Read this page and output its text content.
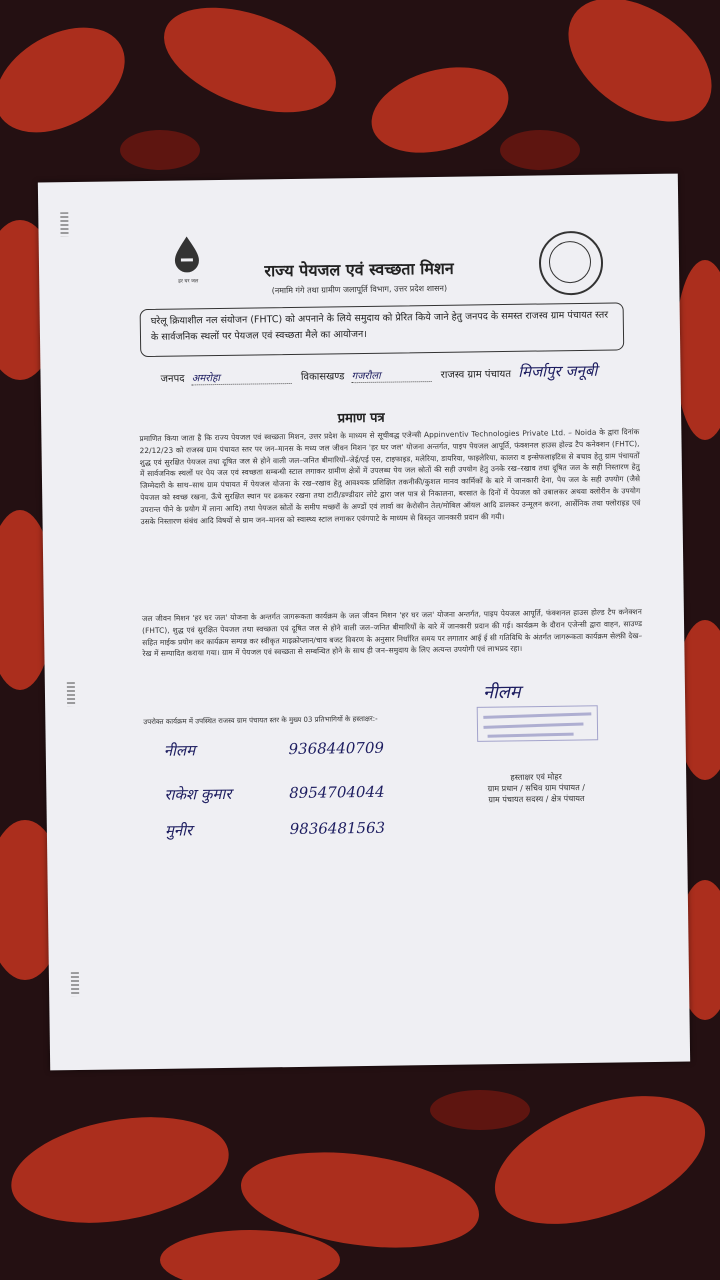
हर घर जल
राज्य पेयजल एवं स्वच्छता मिशन
(नमामि गंगे तथा ग्रामीण जलापूर्ति विभाग, उत्तर प्रदेश शासन)
घरेलू क्रियाशील नल संयोजन (FHTC) को अपनाने के लिये समुदाय को प्रेरित किये जाने हेतु जनपद के समस्त राजस्व ग्राम पंचायत स्तर के सार्वजनिक स्थलों पर पेयजल एवं स्वच्छता मैले का आयोजन।
जनपद अमरोहा	विकासखण्ड गजरौला	राजस्व ग्राम पंचायत मिर्जापुर जनूबी
प्रमाण पत्र
प्रमाणित किया जाता है कि राज्य पेयजल एवं स्वच्छता मिशन, उत्तर प्रदेश के माध्यम से सूचीबद्ध एजेन्सी Appinventiv Technologies Private Ltd. – Noida के द्वारा दिनांक 22/12/23 को राजस्व ग्राम पंचायत स्तर पर जन–मानस के मध्य जल जीवन मिशन 'हर घर जल' योजना अन्तर्गत, पाइप पेयजल आपूर्ति, फंक्शनल हाउस होल्ड टैप कनेक्शन (FHTC), शुद्ध एवं सुरक्षित पेयजल तथा दूषित जल से होने वाली जल–जनित बीमारियों–जेई/एई एस, टाइफाइड, मलेरिया, डायरिया, फाइलेरिया, कालरा व इन्सेफलाइटिस से बचाव हेतु ग्राम पंचायतों में सार्वजनिक स्थलों पर पेय जल एवं स्वच्छता सम्बन्धी स्टाल लगाकर ग्रामीण क्षेत्रों में उपलब्ध पेय जल स्रोतों की सही उपयोग हेतु उनके रख–रखाव तथा दूषित जल के सही निस्तारण हेतु जिम्मेदारी के साथ–साथ ग्राम पंचायत में पेयजल योजना के रख–रखाव हेतु आवश्यक प्रशिक्षित तकनीकी/कुशल मानव कार्मिकों के बारे में जानकारी देना, पेय जल के सही उपयोग (जैसे पेयजल को स्वच्छ रखना, ऊँचे सुरक्षित स्थान पर ढककर रखना तथा टाटी/डण्डीदार लोटे द्वारा जल पात्र से निकालना, बरसात के दिनों में पेयजल को उबालकर अथवा क्लोरीन के उपयोग उपरान्त पीने के प्रयोग में लाना आदि) तथा पेयजल स्रोतों के समीप मच्छरों के अण्डों एवं लार्वा का केरोसीन तेल/मोबिल ऑयल आदि डालकर उन्मूलन करना, आर्सेनिक तथा फ्लोराइड एवं उसके निस्तारण संबंध आदि विषयों से ग्राम जन–मानस को स्वास्थ्य स्टाल लगाकर एवंगपाटे के माध्यम से विस्तृत जानकारी प्रदान की गयी।
जल जीवन मिशन 'हर घर जल' योजना के अन्तर्गत जागरूकता कार्यक्रम के जल जीवन मिशन 'हर घर जल' योजना अन्तर्गत, पाइप पेयजल आपूर्ति, फंक्शनल हाउस होल्ड टैप कनेक्शन (FHTC), शुद्ध एवं सुरक्षित पेयजल तथा स्वच्छता एवं दूषित जल से होने वाली जल–जनित बीमारियों के बारे में जानकारी प्रदान की गई। कार्यक्रम के दौरान एजेन्सी द्वारा वाहन, साउण्ड सहित माईक प्रयोग कर कार्यक्रम सम्पन्न कर स्वीकृत माइक्रोप्लान/चाय बजट विवरण के अनुसार निर्धारित समय पर लगातार आई ई सी गतिविधि के अंतर्गत जागरूकता कार्यक्रम सेल्फ़ी देख–रेख में सम्पादित कराया गया। ग्राम में पेयजल एवं स्वच्छता से सम्बन्धित होने के साथ ही जन–समुदाय के लिए अत्यन्त उपयोगी एवं लाभप्रद रहा।
उपरोक्त कार्यक्रम में उपस्थित राजस्व ग्राम पंचायत स्तर के मुख्य 03 प्रतिभागियों के हस्ताक्षर:-
नीलम	9368440709
राकेश कुमार	8954704044
मुनीर	9836481563
नीलम
हस्ताक्षर एवं मोहर
ग्राम प्रधान / सचिव ग्राम पंचायत /
ग्राम पंचायत सदस्य / क्षेत्र पंचायत
